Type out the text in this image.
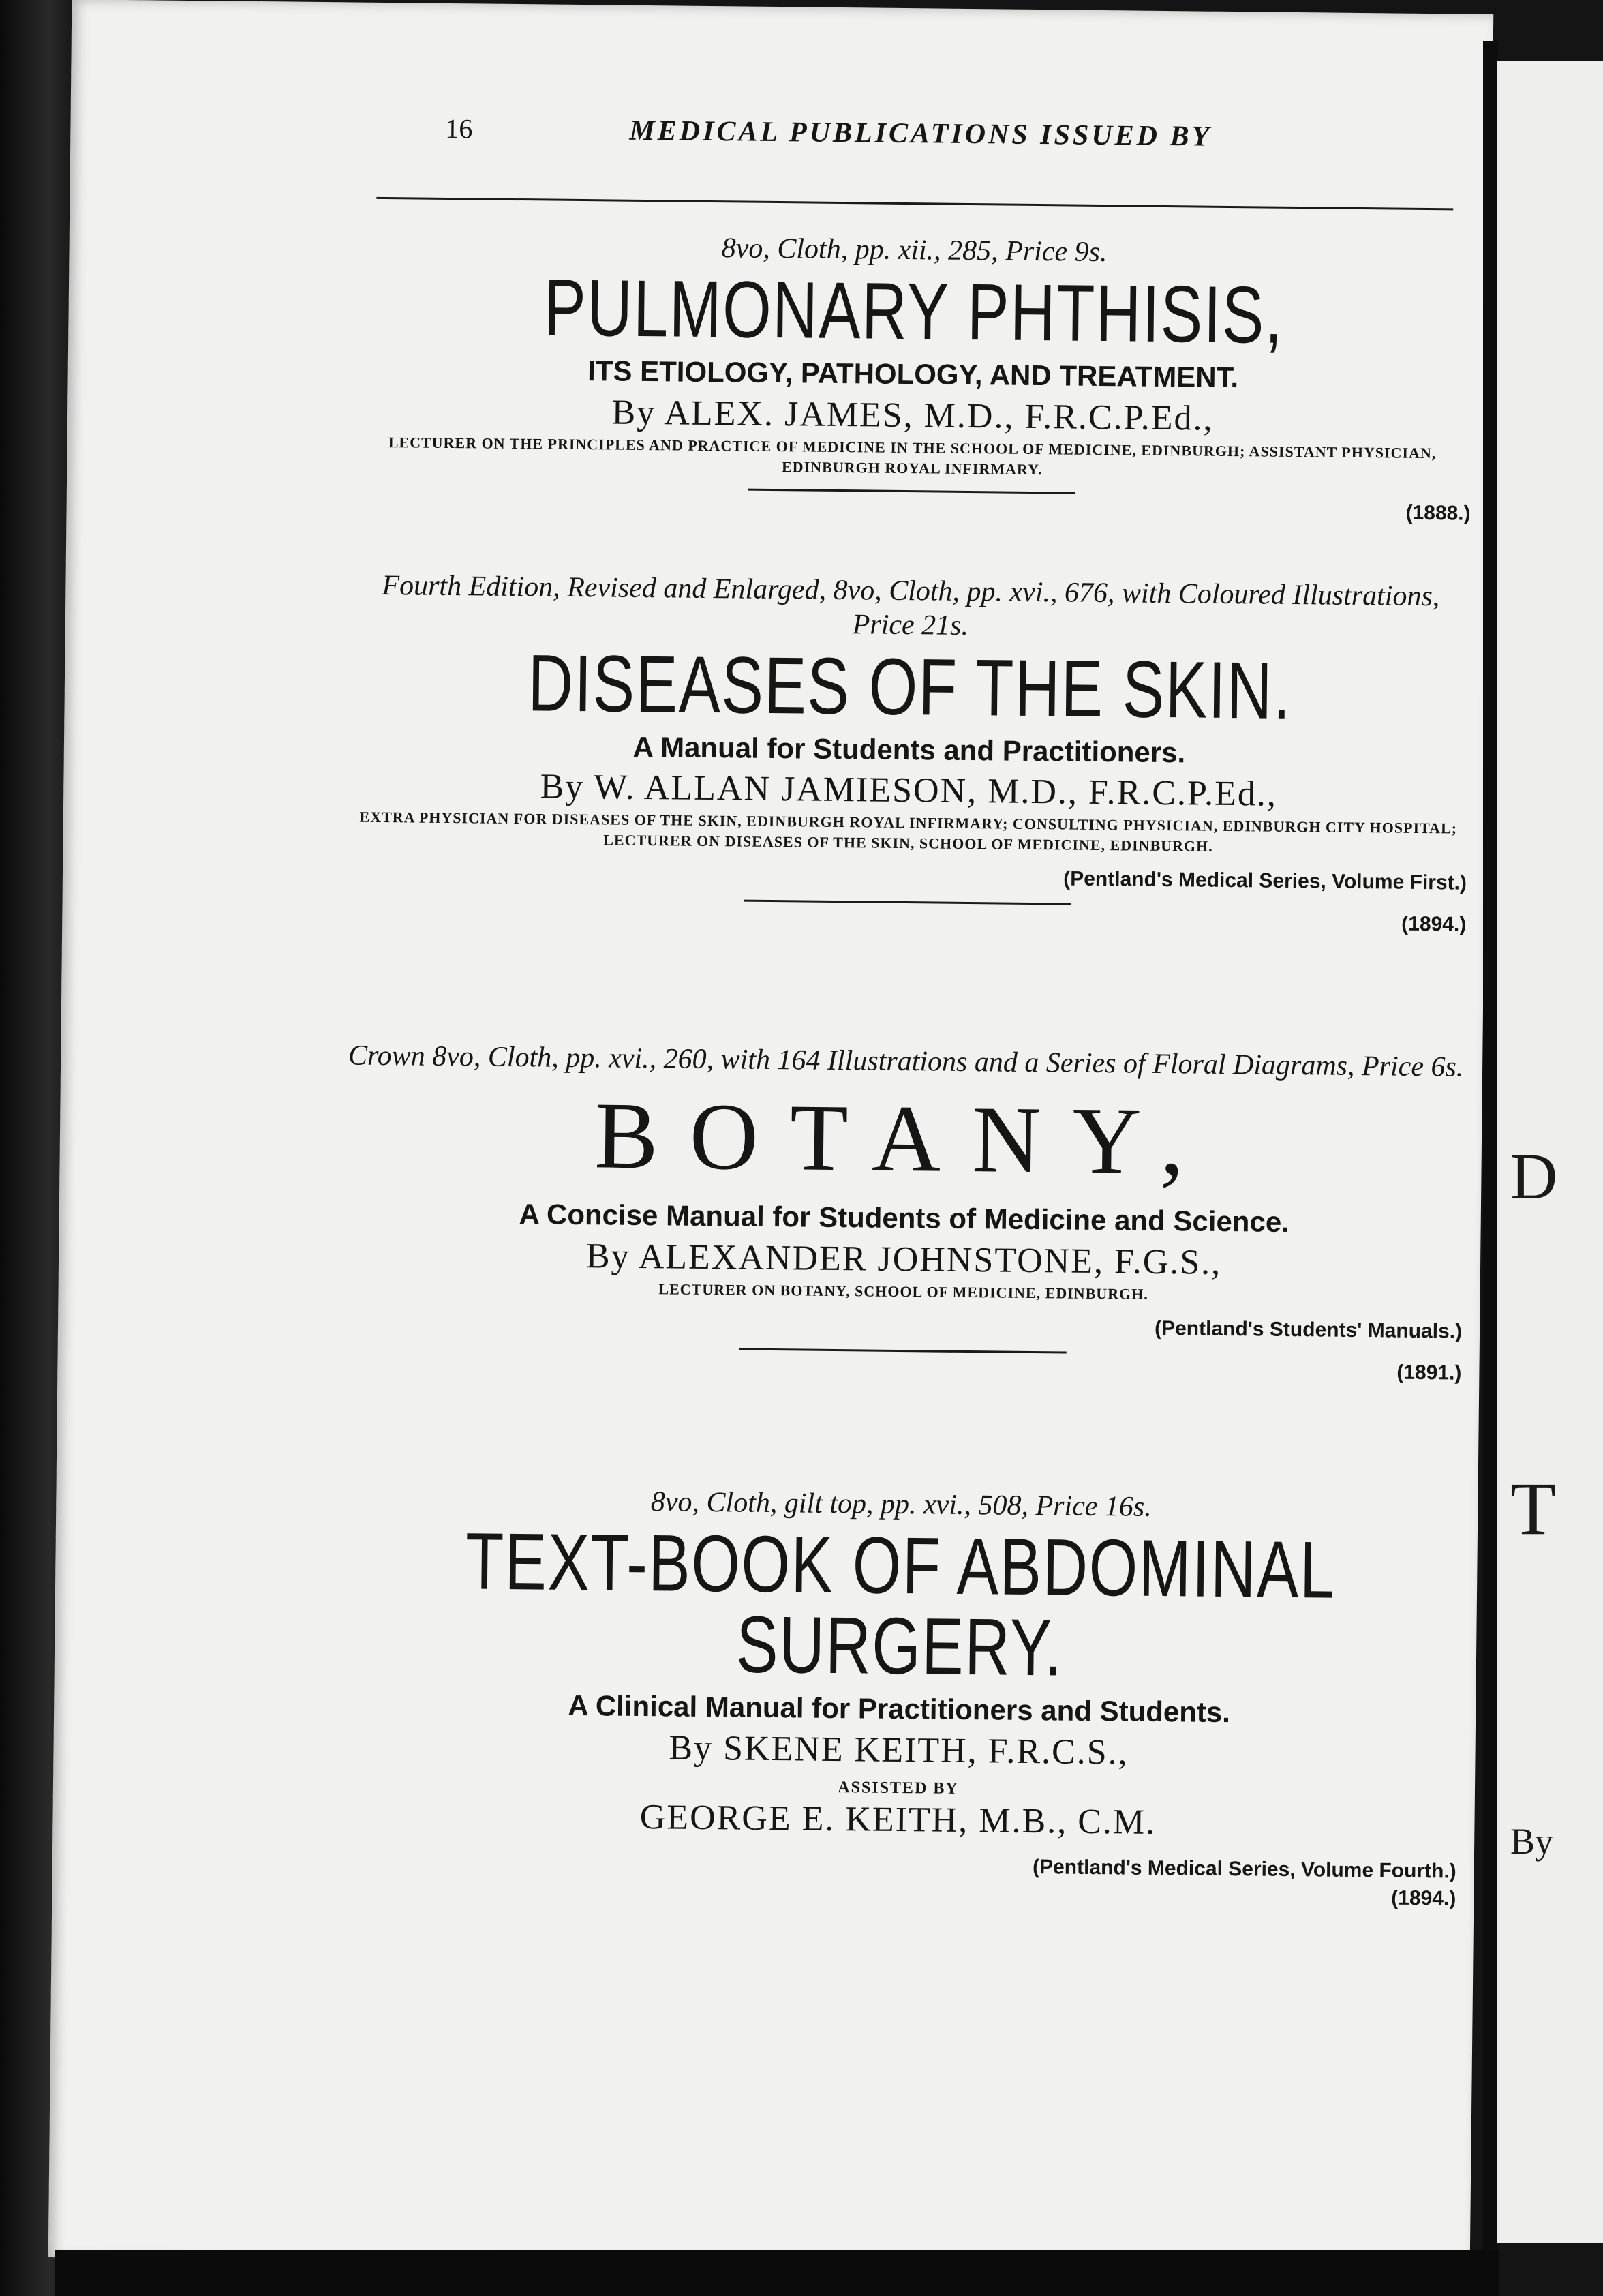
16	MEDICAL PUBLICATIONS ISSUED BY
8vo, Cloth, pp. xii., 285, Price 9s.
PULMONARY PHTHISIS,
ITS ETIOLOGY, PATHOLOGY, AND TREATMENT.
By ALEX. JAMES, M.D., F.R.C.P.Ed.,
LECTURER ON THE PRINCIPLES AND PRACTICE OF MEDICINE IN THE SCHOOL OF MEDICINE, EDINBURGH; ASSISTANT PHYSICIAN, EDINBURGH ROYAL INFIRMARY.
(1888.)
Fourth Edition, Revised and Enlarged, 8vo, Cloth, pp. xvi., 676, with Coloured Illustrations, Price 21s.
DISEASES OF THE SKIN.
A Manual for Students and Practitioners.
By W. ALLAN JAMIESON, M.D., F.R.C.P.Ed.,
EXTRA PHYSICIAN FOR DISEASES OF THE SKIN, EDINBURGH ROYAL INFIRMARY; CONSULTING PHYSICIAN, EDINBURGH CITY HOSPITAL; LECTURER ON DISEASES OF THE SKIN, SCHOOL OF MEDICINE, EDINBURGH.
(Pentland's Medical Series, Volume First.)
(1894.)
Crown 8vo, Cloth, pp. xvi., 260, with 164 Illustrations and a Series of Floral Diagrams, Price 6s.
BOTANY,
A Concise Manual for Students of Medicine and Science.
By ALEXANDER JOHNSTONE, F.G.S.,
LECTURER ON BOTANY, SCHOOL OF MEDICINE, EDINBURGH.
(Pentland's Students' Manuals.)
(1891.)
8vo, Cloth, gilt top, pp. xvi., 508, Price 16s.
TEXT-BOOK OF ABDOMINAL SURGERY.
A Clinical Manual for Practitioners and Students.
By SKENE KEITH, F.R.C.S.,
ASSISTED BY
GEORGE E. KEITH, M.B., C.M.
(Pentland's Medical Series, Volume Fourth.)
(1894.)
D
T
By
